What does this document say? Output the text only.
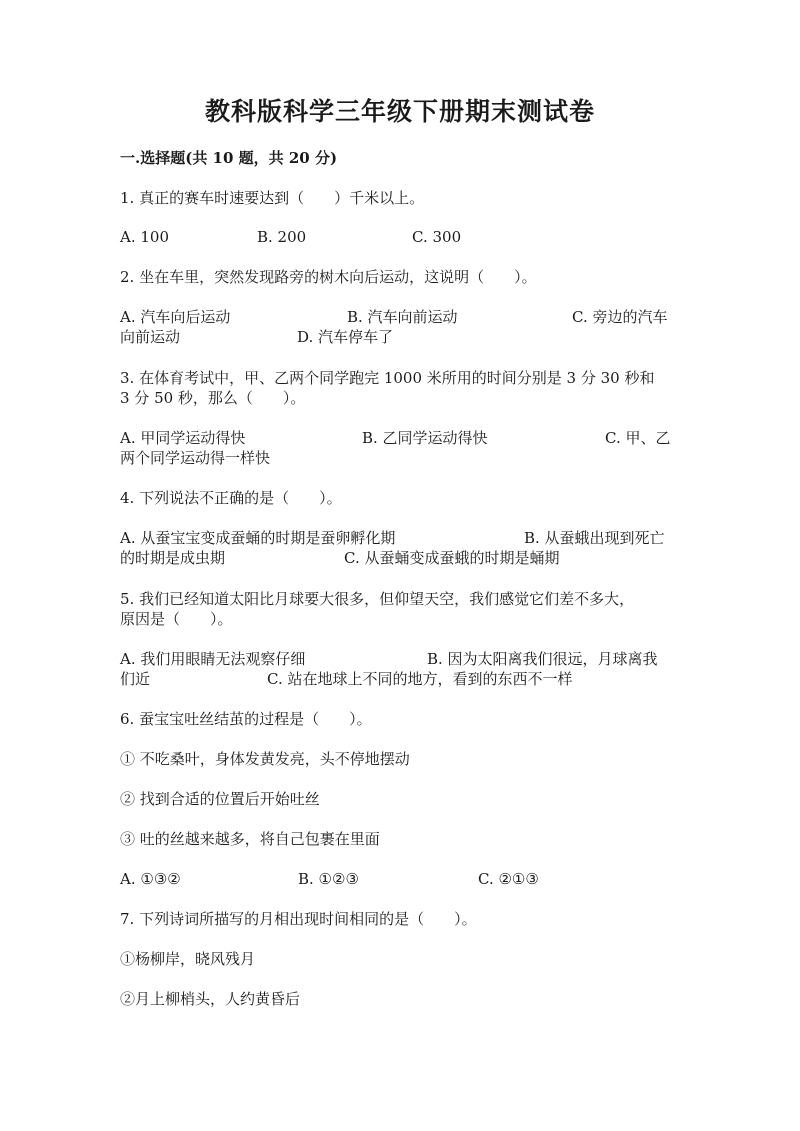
教科版科学三年级下册期末测试卷
一.选择题(共 10 题，共 20 分)
1. 真正的赛车时速要达到（　　）千米以上。
A. 100	B. 200	C. 300
2. 坐在车里，突然发现路旁的树木向后运动，这说明（　　）。
A. 汽车向后运动	B. 汽车向前运动	C. 旁边的汽车
向前运动	D. 汽车停车了
3. 在体育考试中，甲、乙两个同学跑完 1000 米所用的时间分别是 3 分 30 秒和
3 分 50 秒，那么（　　）。
A. 甲同学运动得快	B. 乙同学运动得快	C. 甲、乙
两个同学运动得一样快
4. 下列说法不正确的是（　　）。
A. 从蚕宝宝变成蚕蛹的时期是蚕卵孵化期	B. 从蚕蛾出现到死亡
的时期是成虫期	C. 从蚕蛹变成蚕蛾的时期是蛹期
5. 我们已经知道太阳比月球要大很多，但仰望天空，我们感觉它们差不多大，
原因是（　　）。
A. 我们用眼睛无法观察仔细	B. 因为太阳离我们很远，月球离我
们近	C. 站在地球上不同的地方，看到的东西不一样
6. 蚕宝宝吐丝结茧的过程是（　　）。
① 不吃桑叶，身体发黄发亮，头不停地摆动
② 找到合适的位置后开始吐丝
③ 吐的丝越来越多，将自己包裹在里面
A. ①③②	B. ①②③	C. ②①③
7. 下列诗词所描写的月相出现时间相同的是（　　）。
①杨柳岸，晓风残月
②月上柳梢头，人约黄昏后
